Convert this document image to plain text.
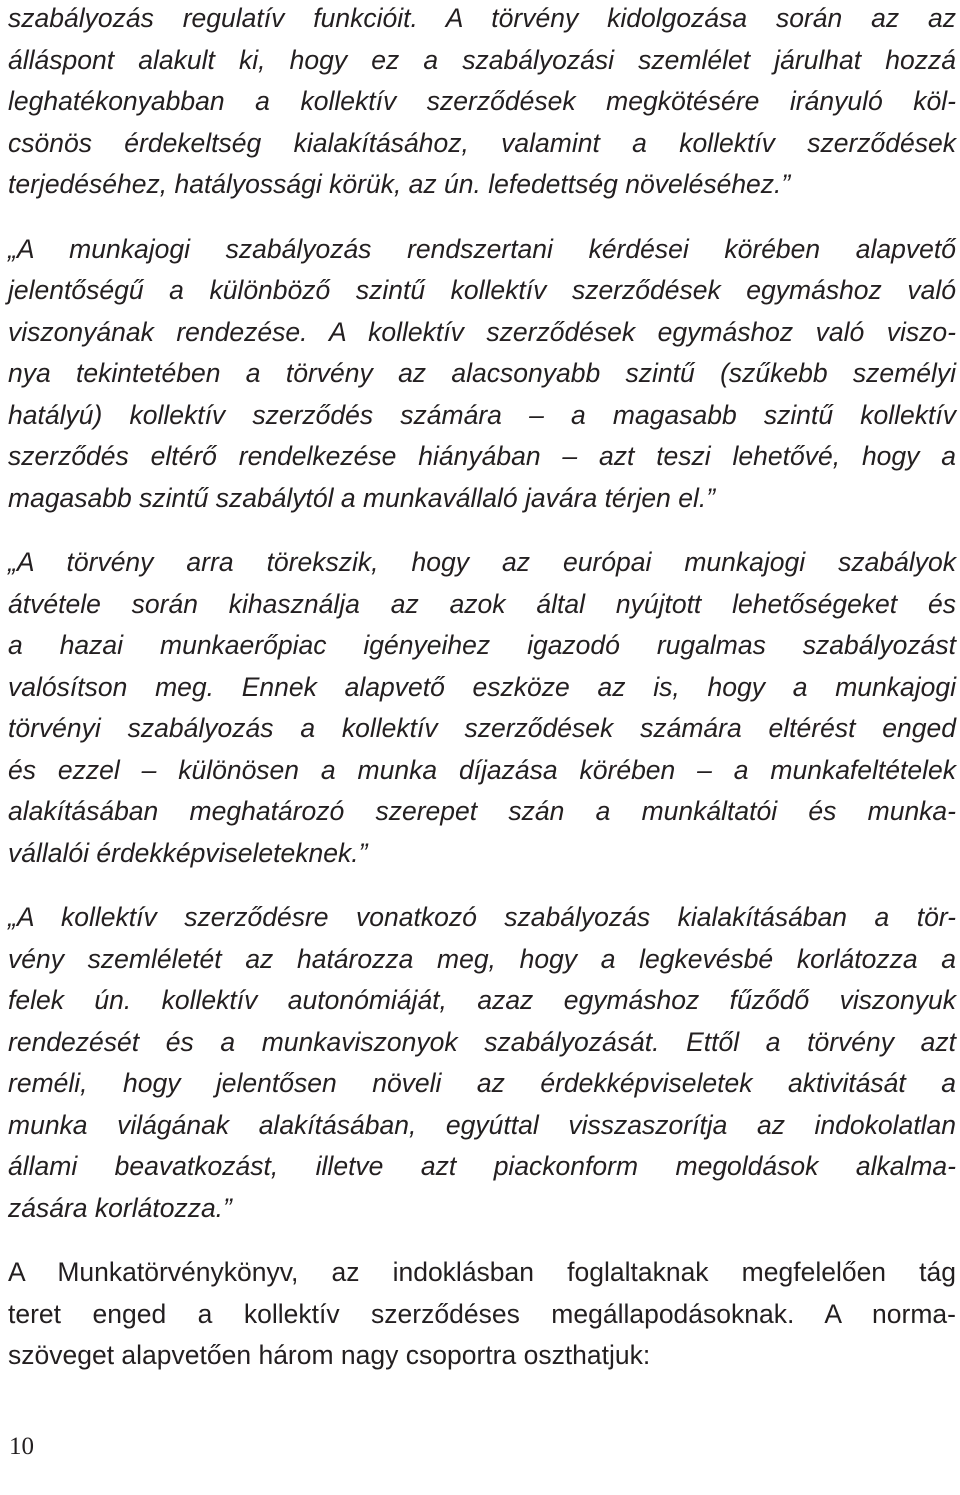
szabályozás regulatív funkcióit. A törvény kidolgozása során az az
álláspont alakult ki, hogy ez a szabályozási szemlélet járulhat hozzá
leghatékonyabban a kollektív szerződések megkötésére irányuló köl-
csönös érdekeltség kialakításához, valamint a kollektív szerződések
terjedéséhez, hatályossági körük, az ún. lefedettség növeléséhez.”

„A munkajogi szabályozás rendszertani kérdései körében alapvető
jelentőségű a különböző szintű kollektív szerződések egymáshoz való
viszonyának rendezése. A kollektív szerződések egymáshoz való viszo-
nya tekintetében a törvény az alacsonyabb szintű (szűkebb személyi
hatályú) kollektív szerződés számára – a magasabb szintű kollektív
szerződés eltérő rendelkezése hiányában – azt teszi lehetővé, hogy a
magasabb szintű szabálytól a munkavállaló javára térjen el.”

„A törvény arra törekszik, hogy az európai munkajogi szabályok
átvétele során kihasználja az azok által nyújtott lehetőségeket és
a hazai munkaerőpiac igényeihez igazodó rugalmas szabályozást
valósítson meg. Ennek alapvető eszköze az is, hogy a munkajogi
törvényi szabályozás a kollektív szerződések számára eltérést enged
és ezzel – különösen a munka díjazása körében – a munkafeltételek
alakításában meghatározó szerepet szán a munkáltatói és munka-
vállalói érdekképviseleteknek.”

„A kollektív szerződésre vonatkozó szabályozás kialakításában a tör-
vény szemléletét az határozza meg, hogy a legkevésbé korlátozza a
felek ún. kollektív autonómiáját, azaz egymáshoz fűződő viszonyuk
rendezését és a munkaviszonyok szabályozását. Ettől a törvény azt
reméli, hogy jelentősen növeli az érdekképviseletek aktivitását a
munka világának alakításában, egyúttal visszaszorítja az indokolatlan
állami beavatkozást, illetve azt piackonform megoldások alkalma-
zására korlátozza.”

A Munkatörvénykönyv, az indoklásban foglaltaknak megfelelően tág
teret enged a kollektív szerződéses megállapodásoknak. A norma-
szöveget alapvetően három nagy csoportra oszthatjuk:

10
